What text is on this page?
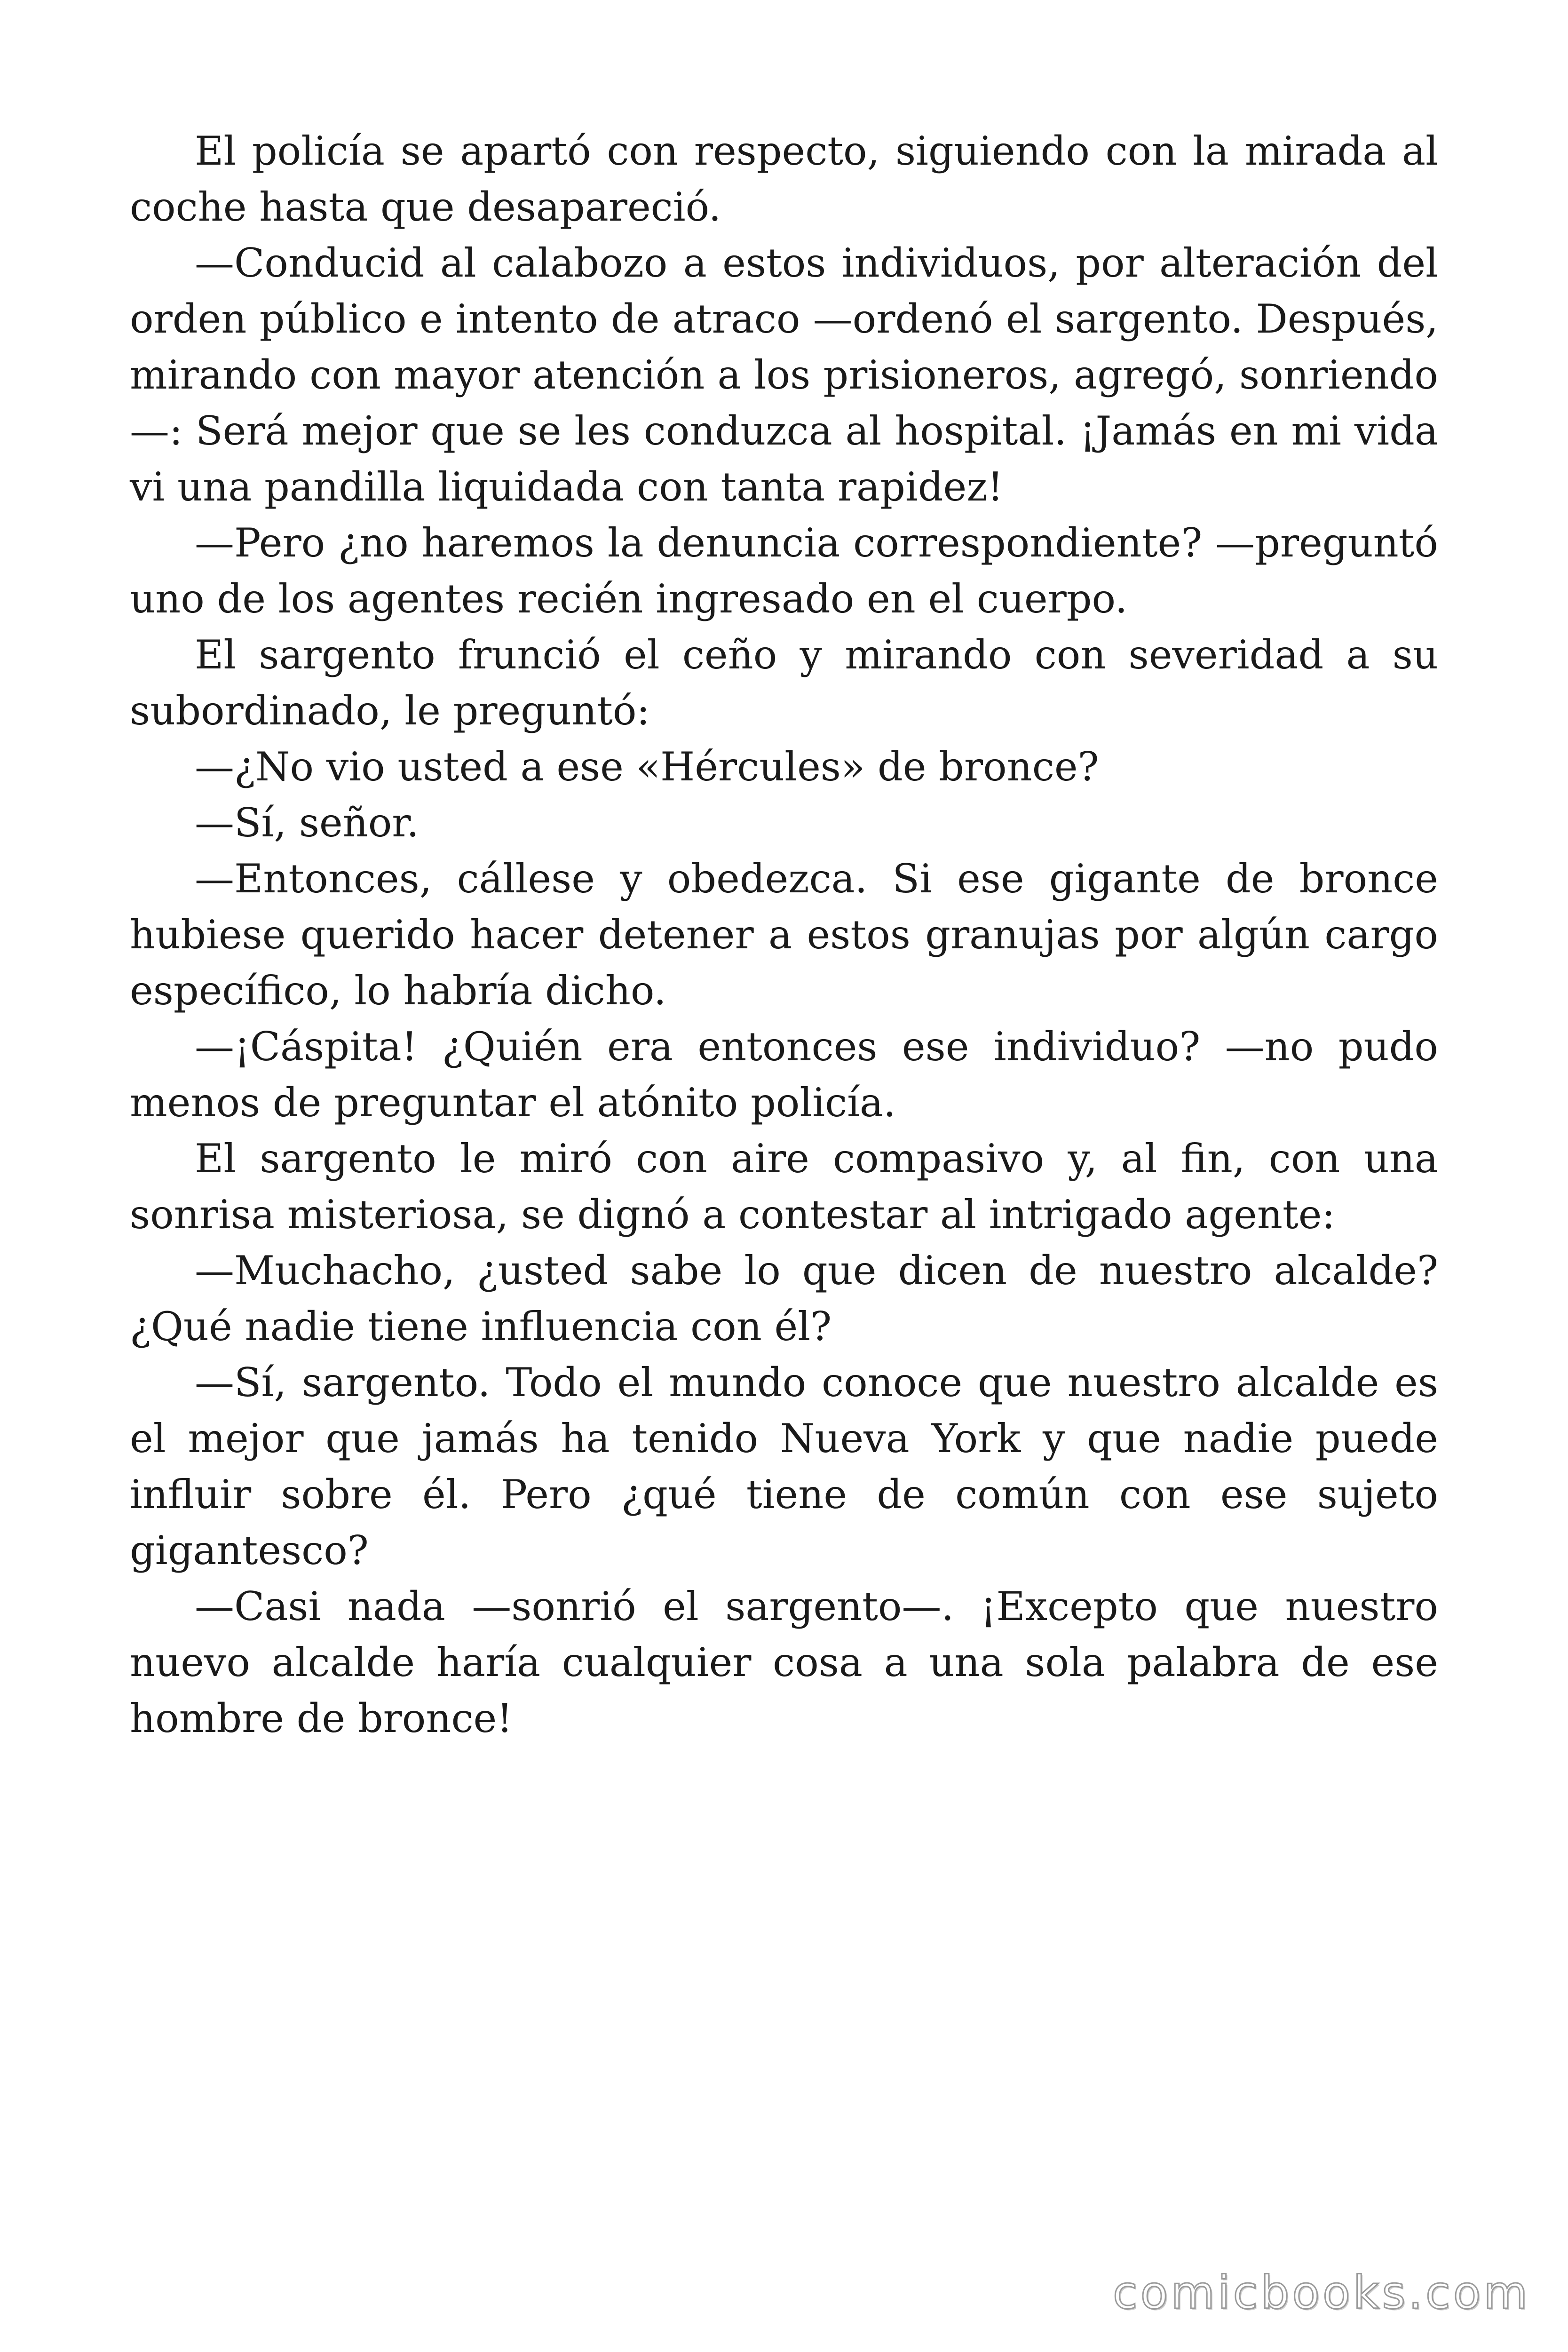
El policía se apartó con respecto, siguiendo con la mirada al coche hasta que desapareció.

—Conducid al calabozo a estos individuos, por alteración del orden público e intento de atraco —ordenó el sargento. Después, mirando con mayor atención a los prisioneros, agregó, sonriendo—: Será mejor que se les conduzca al hospital. ¡Jamás en mi vida vi una pandilla liquidada con tanta rapidez!

—Pero ¿no haremos la denuncia correspondiente? —preguntó uno de los agentes recién ingresado en el cuerpo.

El sargento frunció el ceño y mirando con severidad a su subordinado, le preguntó:

—¿No vio usted a ese «Hércules» de bronce?

—Sí, señor.

—Entonces, cállese y obedezca. Si ese gigante de bronce hubiese querido hacer detener a estos granujas por algún cargo específico, lo habría dicho.

—¡Cáspita! ¿Quién era entonces ese individuo? —no pudo menos de preguntar el atónito policía.

El sargento le miró con aire compasivo y, al fin, con una sonrisa misteriosa, se dignó a contestar al intrigado agente:

—Muchacho, ¿usted sabe lo que dicen de nuestro alcalde? ¿Qué nadie tiene influencia con él?

—Sí, sargento. Todo el mundo conoce que nuestro alcalde es el mejor que jamás ha tenido Nueva York y que nadie puede influir sobre él. Pero ¿qué tiene de común con ese sujeto gigantesco?

—Casi nada —sonrió el sargento—. ¡Excepto que nuestro nuevo alcalde haría cualquier cosa a una sola palabra de ese hombre de bronce!

comicbooks.com
